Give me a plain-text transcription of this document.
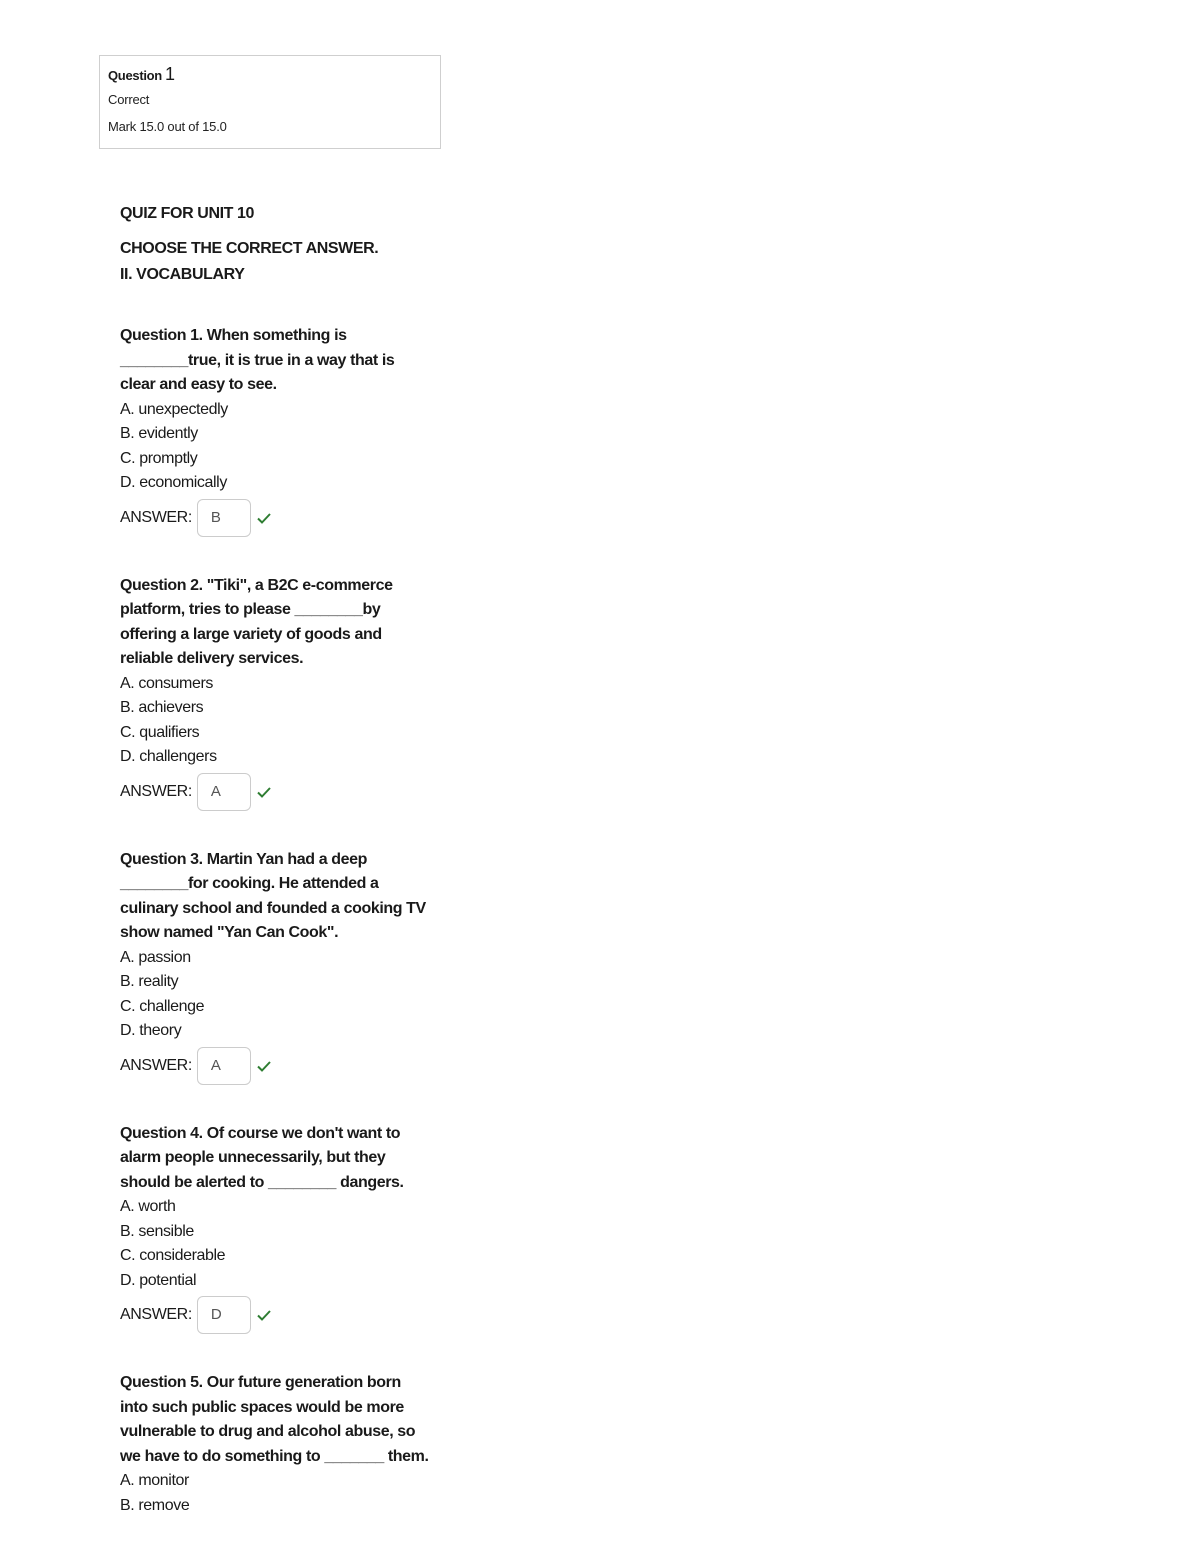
Question 1
Correct
Mark 15.0 out of 15.0
QUIZ FOR UNIT 10
CHOOSE THE CORRECT ANSWER.
II. VOCABULARY
Question 1. When something is ________true, it is true in a way that is clear and easy to see.
A. unexpectedly
B. evidently
C. promptly
D. economically
ANSWER:	B
Question 2. "Tiki", a B2C e-commerce platform, tries to please ________by offering a large variety of goods and reliable delivery services.
A. consumers
B. achievers
C. qualifiers
D. challengers
ANSWER:	A
Question 3. Martin Yan had a deep ________for cooking. He attended a culinary school and founded a cooking TV show named "Yan Can Cook".
A. passion
B. reality
C. challenge
D. theory
ANSWER:	A
Question 4. Of course we don't want to alarm people unnecessarily, but they should be alerted to ________ dangers.
A. worth
B. sensible
C. considerable
D. potential
ANSWER:	D
Question 5. Our future generation born into such public spaces would be more vulnerable to drug and alcohol abuse, so we have to do something to _______ them.
A. monitor
B. remove
